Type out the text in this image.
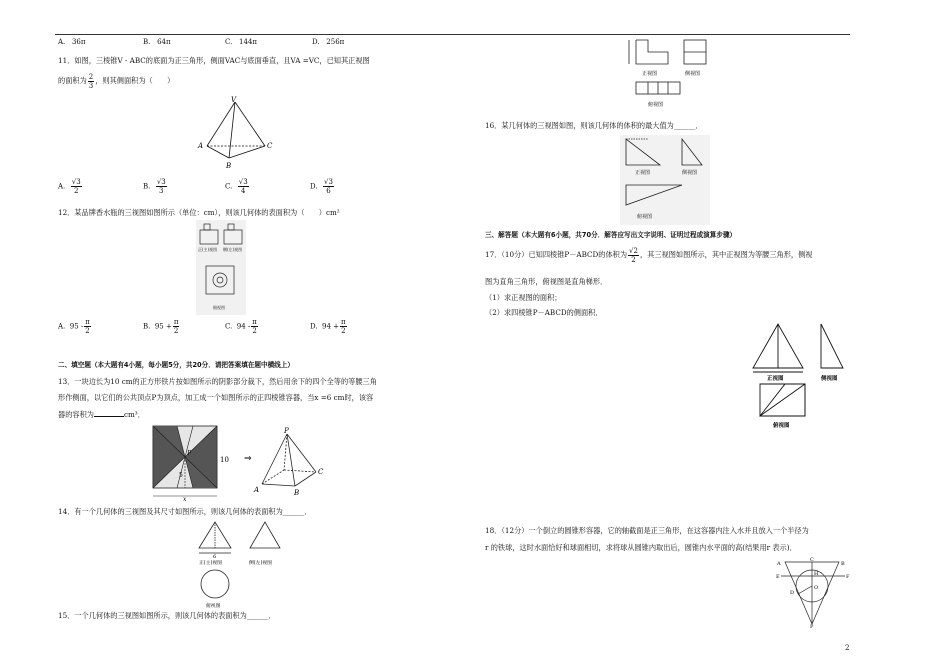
A. 36π	B. 64π	C. 144π	D. 256π
11．如图，三棱锥V - ABC的底面为正三角形，侧面VAC与底面垂直，且VA =VC，已知其正视图
的面积为 $\frac{2}{3}$ ，则其侧面积为（　　）
V
A
B
C
A. $\frac{√3}{2}$	B. $\frac{√3}{3}$	C. $\frac{√3}{4}$	D. $\frac{√3}{6}$
12．某品牌香水瓶的三视图如图所示（单位：cm），则该几何体的表面积为（　　）cm²
正(主)视图 侧(左)视图
俯视图
A. $95 - \frac{\pi}{2}$	B. $95 + \frac{\pi}{2}$	C. $94 - \frac{\pi}{2}$	D. $94 + \frac{\pi}{2}$
二、填空题（本大题有4小题，每小题5分，共20分．请把答案填在题中横线上）
13．一块边长为10 cm的正方形铁片按如图所示的阴影部分裁下，然后用余下的四个全等的等腰三角
形作侧面，以它们的公共顶点P为顶点，加工成一个如图所示的正四棱锥容器，当x =6 cm时，该容
器的容积为	cm³．
P
10
5
x
⇒
P
A	B
C
14．有一个几何体的三视图及其尺寸如图所示，则该几何体的表面积为______．
6
正(主)视图	侧(左)视图
俯视图
15．一个几何体的三视图如图所示，则该几何体的表面积为______．
正视图	侧视图
俯视图
16．某几何体的三视图如图，则该几何体的体积的最大值为______．
正视图	侧视图
俯视图
三、解答题（本大题有6小题，共70分．解答应写出文字说明、证明过程或演算步骤）
17．（10分）已知四棱锥P－ABCD的体积为 $\frac{√2}{2}$ ，其三视图如图所示，其中正视图为等腰三角形，侧视
图为直角三角形，俯视图是直角梯形．
（1）求正视图的面积；
（2）求四棱锥P－ABCD的侧面积．
正视图	侧视图
俯视图
18．（12分）一个倒立的圆锥形容器，它的轴截面是正三角形，在这容器内注入水并且放入一个半径为
r 的铁球，这时水面恰好和球面相切，求将球从圆锥内取出后，圆锥内水平面的高(结果用r 表示)．
A	B
C
D
E	F
O
H
P
2
